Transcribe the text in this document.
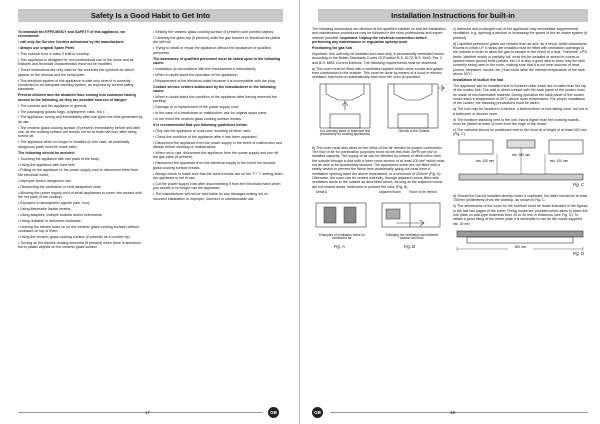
Safety Is a Good Habit to Get Into

To maintain the EFFICIENCY and SAFETY of this appliance, we recommend:

• call only the Service Centres authorized by the manufacturer

• always use original Spare Parts

• This manual is for a class 3 built-in cooktop.

• This appliance is designed for non-professional use in the home and its features and technical characteristics must not be modified.

• These instructions are only valid for the countries the symbols for which appear on the manual and the serial plate.

• The electrical system of this appliance is safe only when it is correctly connected to an adequate earthing system, as required by current safety standards.

Prevent children and the disabled from coming into contactor having access to the following, as they are possible sources of danger:

• The controls and the appliance in general;

• The packaging (plastic bags, polystyrene, nails, etc.);

• The appliance, during and immediately after use given the heat generated by its use;

• The ceramic glass cooking surface (if present) immediately before and after use, as the cooking surface will remain hot for at least half hour after being turned off.

• The appliance when no longer in installed (in this case, all potentially dangerous parts must be made safe).

The following should be avoided:

• Touching the appliance with wet parts of the body;

• Using the appliance with bare feet;

• Pulling on the appliance or the power supply cord to disconnect them from the electrical outlet;

• Improper and/or dangerous use;

• Obstructing the ventilation or heat dissipation slots;

• Allowing the power supply cord of small appliances to come into contact with the hot parts of the cooktop;

• Exposure to atmospheric agents (rain, sun);

• Using flammable liquids nearby;

• Using adaptors, multiple sockets and/or extensions;

• Using unstable or deformed cookware;

• Leaving the electric hobs on (or the ceramic glass cooking surface) without cookware on top of them;

• Using the ceramic glass cooking surface (if present) as a counter top;

• Turning on the electric heating elements (if present) when there is aluminum foil or plastic objects on the ceramic glass surface.

• Striking the ceramic glass cooking surface (if present) with pointed objects;

• Cleaning the glass top (if present) while the gas burners or electrical hot plates are still hot;

• Trying to install or repair the appliance without the assistance of qualified personnel.

The assistance of qualified personnel must be called upon in the following cases:

• Installation (in accordance with the manufacturer's instructions);

• When in doubt about the operation of the appliance;

• Replacement of the electrical outlet because it is incompatible with the plug.

Contact service centers authorized by the manufacturer in the following cases:

• When in doubt about the condition of the appliance after having removed the packing;

• Damage to or replacement of the power supply cord;

• In the case of a breakdown or malfunction: ask for original spare parts.

• In the event the ceramic glass cooking surface breaks.

It is recommended that you following guidelines below:

• Only use the appliance to cook food, avoiding all other uses;

• Check the condition of the appliance after it has been unpacked.

• Disconnect the appliance from the power supply in the event of malfunction and always before cleaning or maintenance;

• When not in use, disconnect the appliance from the power supply and turn off the gas valve (if present).

• Disconnect the appliance from the electrical supply in the event the ceramic glass cooking surface breaks.

• Always check to make sure that the control knobs are on the "I"/ "•" setting when the appliance is not in use;

• Cut the power supply cord after disconnecting it from the electrical mains when you decide to no longer use the appliance.

• The manufacturer will not be held liable for any damages arising out of : incorrect installation or improper, incorrect or unreasonable use.

17	GB
Installation Instructions for built-in

The following instructions are directed at the qualified installer so that the installation and maintenance procedures may be followed in the most professional and expert manner possible. Important: Unplug the electrical connection before performing any maintenance or regulation upkeep work.

Positioning for gas hob

Important: this unit may be installed and used only in permanently ventilated rooms according to the British Standards Codes Of Practice B.S. 6172/ B.S. 5440, Par. 2 and B.S. 6891 Current Editions. The following requirements must be observed:

a) The room must be fitted with a ventilation system which vents smoke and gases from combustion to the outside. This must be done by means of a hood or electric ventilator that turns on automatically each time the oven is operated.

In a chimney stack or branched flue (exclusively for cooking appliances)
Directly to the Outside

b) The room must also allow for the influx of the air needed for proper combustion. The flow of air for combustion purposes must not be less than 2m³/h per kW of installed capacity. The supply of air can be effected by means of direct influx from the outside through a duct with a inner cross section of at least 100 cm² which must not be able to be accidentally blocked. The appliances which are not fitted with a safety device to prevent the flame from accidentally going out must have a ventilation opening twice the above dimensions, or a minimum of 200cm² (Fig. A). Otherwise, the room can be vented indirectly, through adjacent rooms fitted with ventilation ducts to the outside as described above, as long as the adjacent rooms are not shared areas, bedrooms or present fire risks (Fig. B).

Detail A	Adjacent Room	Room to be Vented
Examples of ventilation holes for comburent air.
Enlarging the ventilation slot between window and floor.
Fig. A	Fig. B

c) Intensive and prolonged use of the appliance may necessitate supplemental ventilation, e.g. opening a window or increasing the speed of the air intake system (if present).

d) Liquefied petroleum gases are heavier than air and, as a result, settle downwards. Rooms in which LP G tanks are installed must be fitted with ventilation openings to the outside in order to allow the gas to escape in the event of a leak. Therefore, LPG tanks, whether empty or partially full, must not be installed or stored in rooms or spaces below ground level (cellars, etc.) It is also a good idea to keep only the tank currently being used in the room, making sure that it is not near sources of heat (ovens, fireplaces, stoves, etc.) that could raise the internal temperature of the tank above 50°C.

Installation of built-in the hob

The appliance can be installed next to furniture units which are no taller than the top of the cooker hob. The wall in direct contact with the back panel of the cooker must be made of non-flammable material. During operation the back panel of the cooker could reach a temperature of 50°C above room temperature. For proper installation of the cooker, the following precautions must be taken:

a) The hob may be located in a kitchen, a kitchen/diner or bed-sitting room, but not in a bathroom or shower room.

b) The furniture standing next to the unit, that is higher than the working boards, must be placed at least 110mm from the edge of the board.

c) The cabinets should be positioned next to the hood at a height of at least 420 mm (Fig. C).

min. 420 mm
min. 650 mm
min. 420 mm
Fig. C

d) Should the hob be installed directly under a cupboard, the latter should be at least 700mm (millimetres) from the worktop, as shown in Fig. C.

e) The dimensions of the room for the furniture must be those indicated in the figures in the last two pages of the cover. Fixing hooks are provided which allow to place the hob plate on wall-type thickness from 20 to 40 mm in thickness (see Fig. D). To obtain a good fixing of the entire plate it is advisable to use all the hooks supplied.

min. 30 mm
600 mm
Fig. D
GB	18
